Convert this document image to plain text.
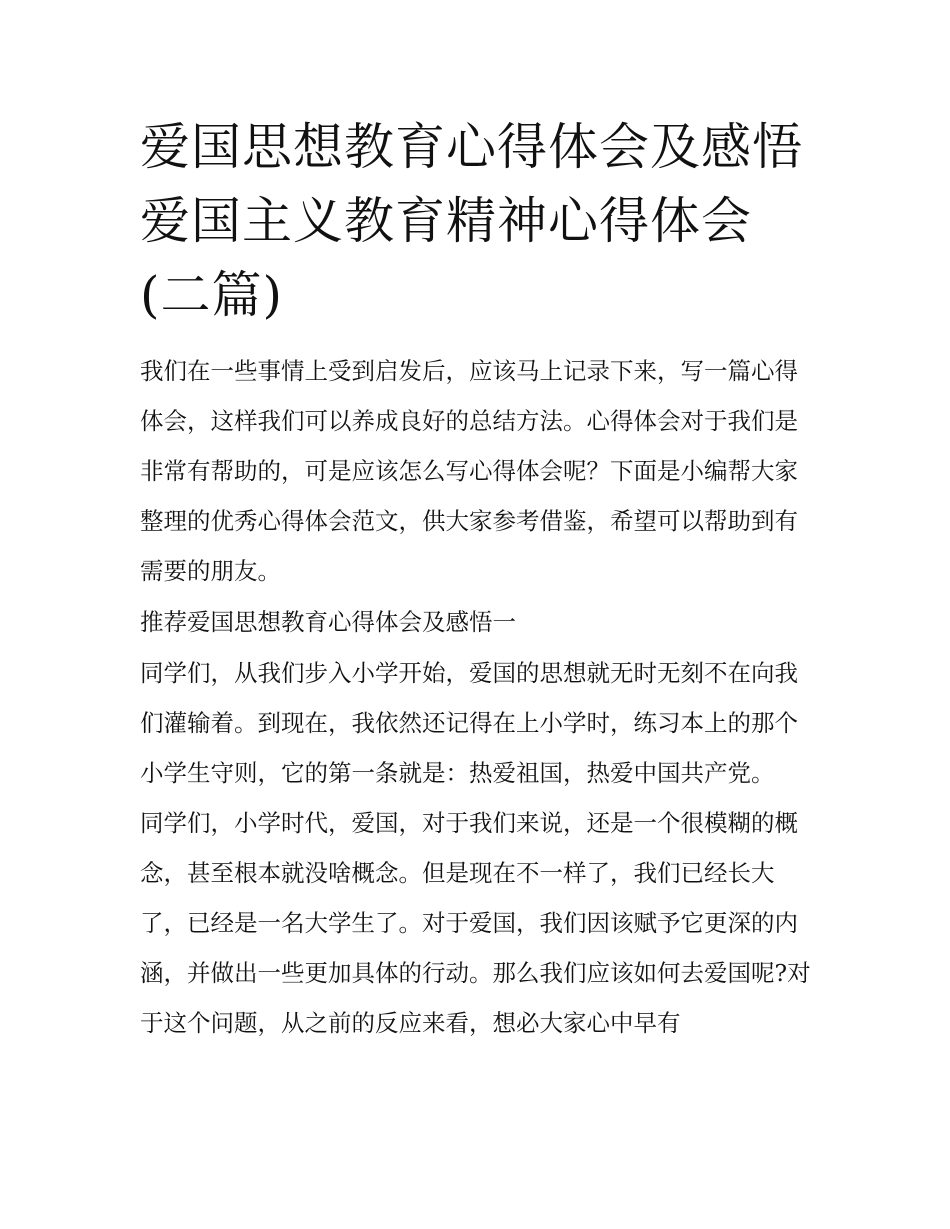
爱国思想教育心得体会及感悟爱国主义教育精神心得体会(二篇)

我们在一些事情上受到启发后，应该马上记录下来，写一篇心得体会，这样我们可以养成良好的总结方法。心得体会对于我们是非常有帮助的，可是应该怎么写心得体会呢？下面是小编帮大家整理的优秀心得体会范文，供大家参考借鉴，希望可以帮助到有需要的朋友。

推荐爱国思想教育心得体会及感悟一

同学们，从我们步入小学开始，爱国的思想就无时无刻不在向我们灌输着。到现在，我依然还记得在上小学时，练习本上的那个小学生守则，它的第一条就是：热爱祖国，热爱中国共产党。

同学们，小学时代，爱国，对于我们来说，还是一个很模糊的概念，甚至根本就没啥概念。但是现在不一样了，我们已经长大了，已经是一名大学生了。对于爱国，我们因该赋予它更深的内涵，并做出一些更加具体的行动。那么我们应该如何去爱国呢?对于这个问题，从之前的反应来看，想必大家心中早有
